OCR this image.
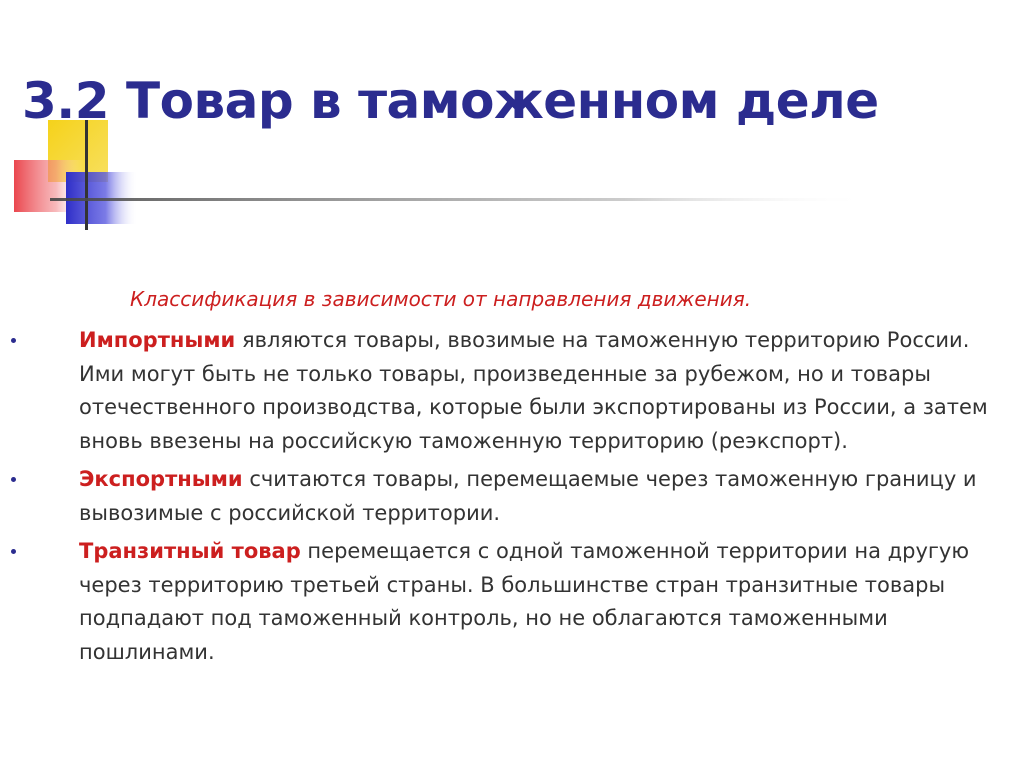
3.2 Товар в таможенном деле

Классификация в зависимости от направления движения.

Импортными являются товары, ввозимые на таможенную территорию России. Ими могут быть не только товары, произведенные за рубежом, но и товары отечественного производства, которые были экспортированы из России, а затем вновь ввезены на российскую таможенную территорию (реэкспорт).
Экспортными считаются товары, перемещаемые через таможенную границу и вывозимые с российской территории.
Транзитный товар перемещается с одной таможенной территории на другую через территорию третьей страны. В большинстве стран транзитные товары подпадают под таможенный контроль, но не облагаются таможенными пошлинами.
